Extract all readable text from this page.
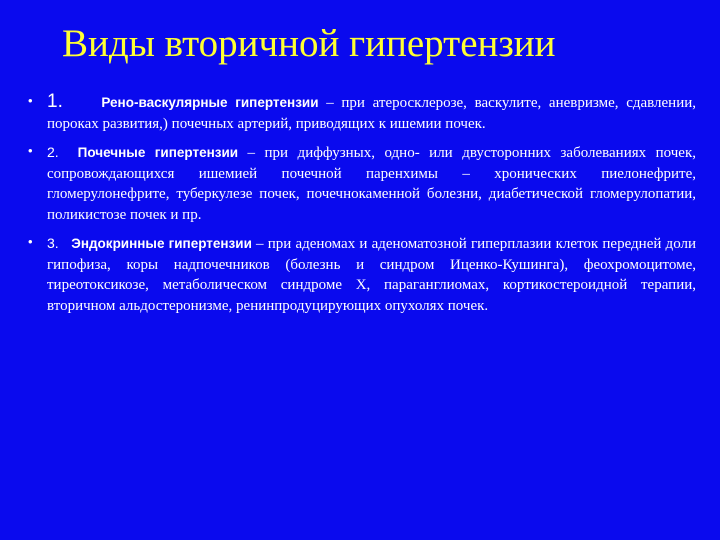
Виды вторичной гипертензии
• 1.	Рено-васкулярные гипертензии – при атеросклерозе, васкулите, аневризме, сдавлении, пороках развития,) почечных артерий, приводящих к ишемии почек.
• 2. Почечные гипертензии – при диффузных, одно- или двусторонних заболеваниях почек, сопровождающихся ишемией почечной паренхимы – хронических пиелонефрите, гломерулонефрите, туберкулезе почек, почечнокаменной болезни, диабетической гломерулопатии, поликистозе почек и пр.
• 3. Эндокринные гипертензии – при аденомах и аденоматозной гиперплазии клеток передней доли гипофиза, коры надпочечников (болезнь и синдром Иценко-Кушинга), феохромоцитоме, тиреотоксикозе, метаболическом синдроме X, параганглиомах, кортикостероидной терапии, вторичном альдостеронизме, ренинпродуцирующих опухолях почек.
